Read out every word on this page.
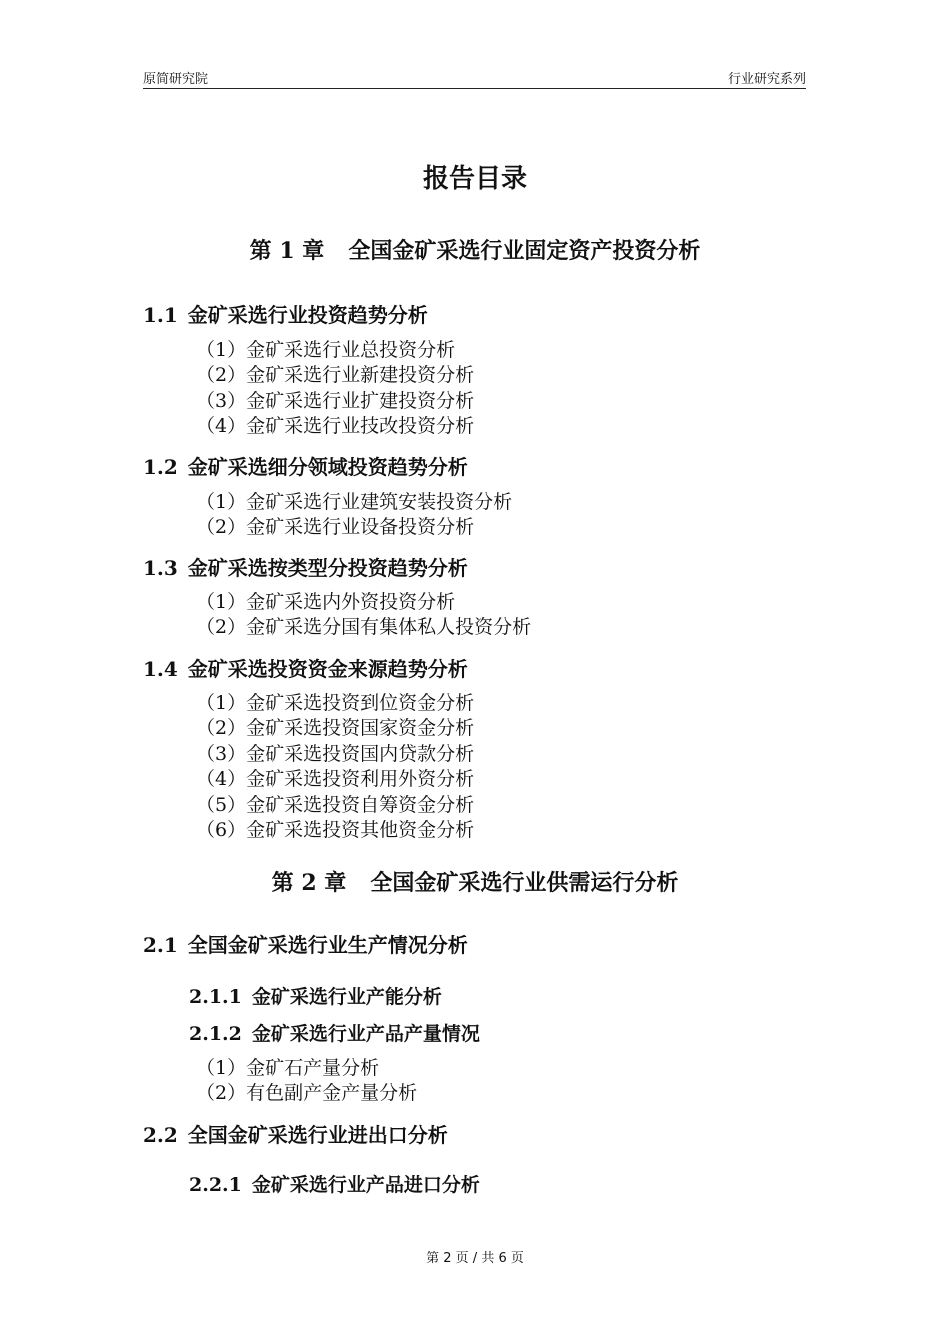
原简研究院	行业研究系列
报告目录
第 1 章 全国金矿采选行业固定资产投资分析
1.1 金矿采选行业投资趋势分析
（1）金矿采选行业总投资分析
（2）金矿采选行业新建投资分析
（3）金矿采选行业扩建投资分析
（4）金矿采选行业技改投资分析
1.2 金矿采选细分领域投资趋势分析
（1）金矿采选行业建筑安装投资分析
（2）金矿采选行业设备投资分析
1.3 金矿采选按类型分投资趋势分析
（1）金矿采选内外资投资分析
（2）金矿采选分国有集体私人投资分析
1.4 金矿采选投资资金来源趋势分析
（1）金矿采选投资到位资金分析
（2）金矿采选投资国家资金分析
（3）金矿采选投资国内贷款分析
（4）金矿采选投资利用外资分析
（5）金矿采选投资自筹资金分析
（6）金矿采选投资其他资金分析
第 2 章 全国金矿采选行业供需运行分析
2.1 全国金矿采选行业生产情况分析
2.1.1 金矿采选行业产能分析
2.1.2 金矿采选行业产品产量情况
（1）金矿石产量分析
（2）有色副产金产量分析
2.2 全国金矿采选行业进出口分析
2.2.1 金矿采选行业产品进口分析
第 2 页 / 共 6 页
